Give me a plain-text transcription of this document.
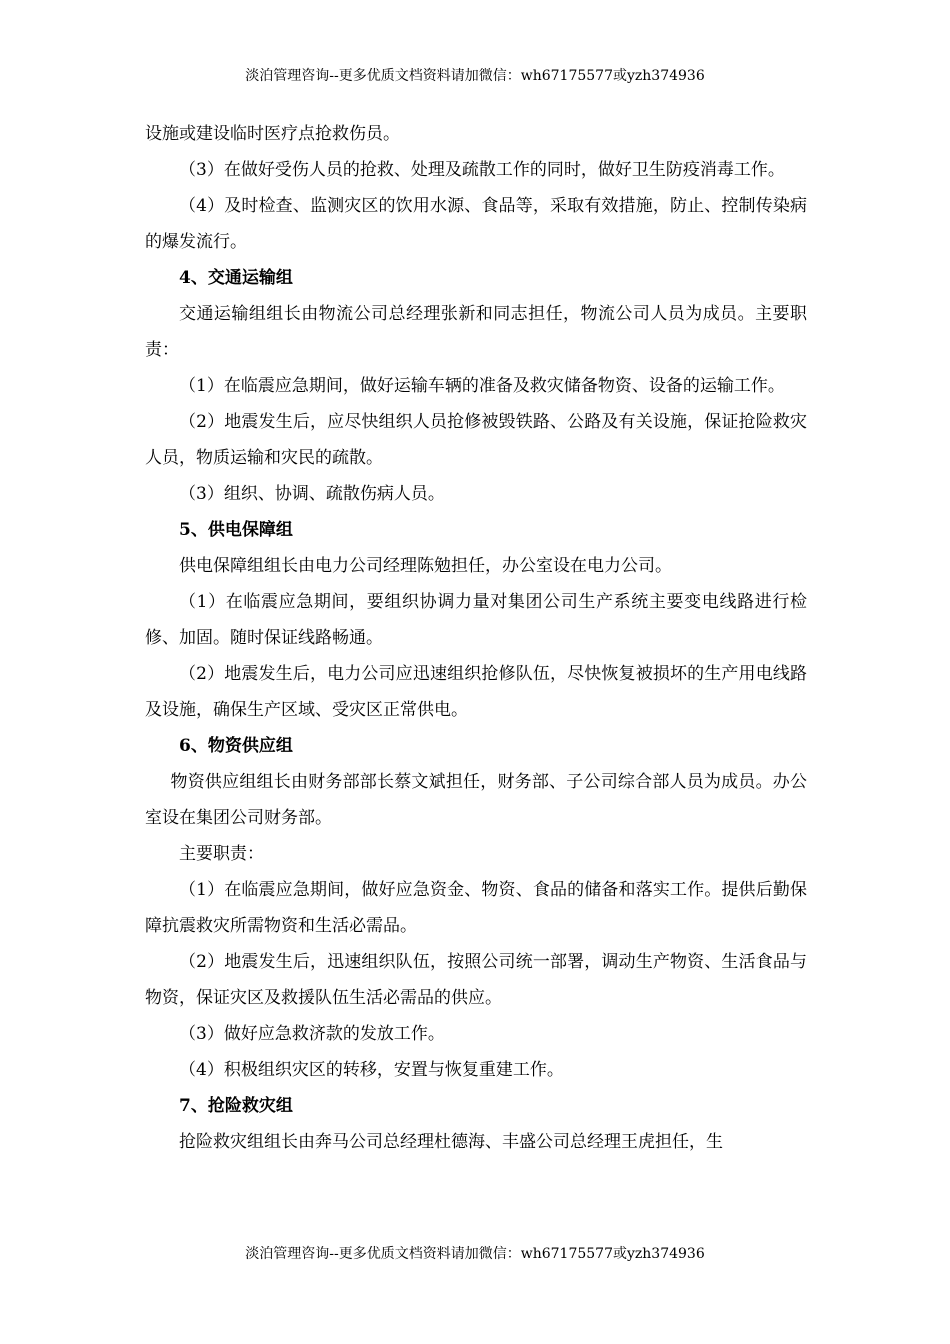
淡泊管理咨询--更多优质文档资料请加微信：wh67175577或yzh374936

设施或建设临时医疗点抢救伤员。

（3）在做好受伤人员的抢救、处理及疏散工作的同时，做好卫生防疫消毒工作。

（4）及时检查、监测灾区的饮用水源、食品等，采取有效措施，防止、控制传染病的爆发流行。

4、交通运输组

交通运输组组长由物流公司总经理张新和同志担任，物流公司人员为成员。主要职责：

（1）在临震应急期间，做好运输车辆的准备及救灾储备物资、设备的运输工作。

（2）地震发生后，应尽快组织人员抢修被毁铁路、公路及有关设施，保证抢险救灾人员，物质运输和灾民的疏散。

（3）组织、协调、疏散伤病人员。

5、供电保障组

供电保障组组长由电力公司经理陈勉担任，办公室设在电力公司。

（1）在临震应急期间，要组织协调力量对集团公司生产系统主要变电线路进行检修、加固。随时保证线路畅通。

（2）地震发生后，电力公司应迅速组织抢修队伍，尽快恢复被损坏的生产用电线路及设施，确保生产区域、受灾区正常供电。

6、物资供应组

物资供应组组长由财务部部长蔡文斌担任，财务部、子公司综合部人员为成员。办公室设在集团公司财务部。

主要职责：

（1）在临震应急期间，做好应急资金、物资、食品的储备和落实工作。提供后勤保障抗震救灾所需物资和生活必需品。

（2）地震发生后，迅速组织队伍，按照公司统一部署，调动生产物资、生活食品与物资，保证灾区及救援队伍生活必需品的供应。

（3）做好应急救济款的发放工作。

（4）积极组织灾区的转移，安置与恢复重建工作。

7、抢险救灾组

抢险救灾组组长由奔马公司总经理杜德海、丰盛公司总经理王虎担任，生

淡泊管理咨询--更多优质文档资料请加微信：wh67175577或yzh374936
